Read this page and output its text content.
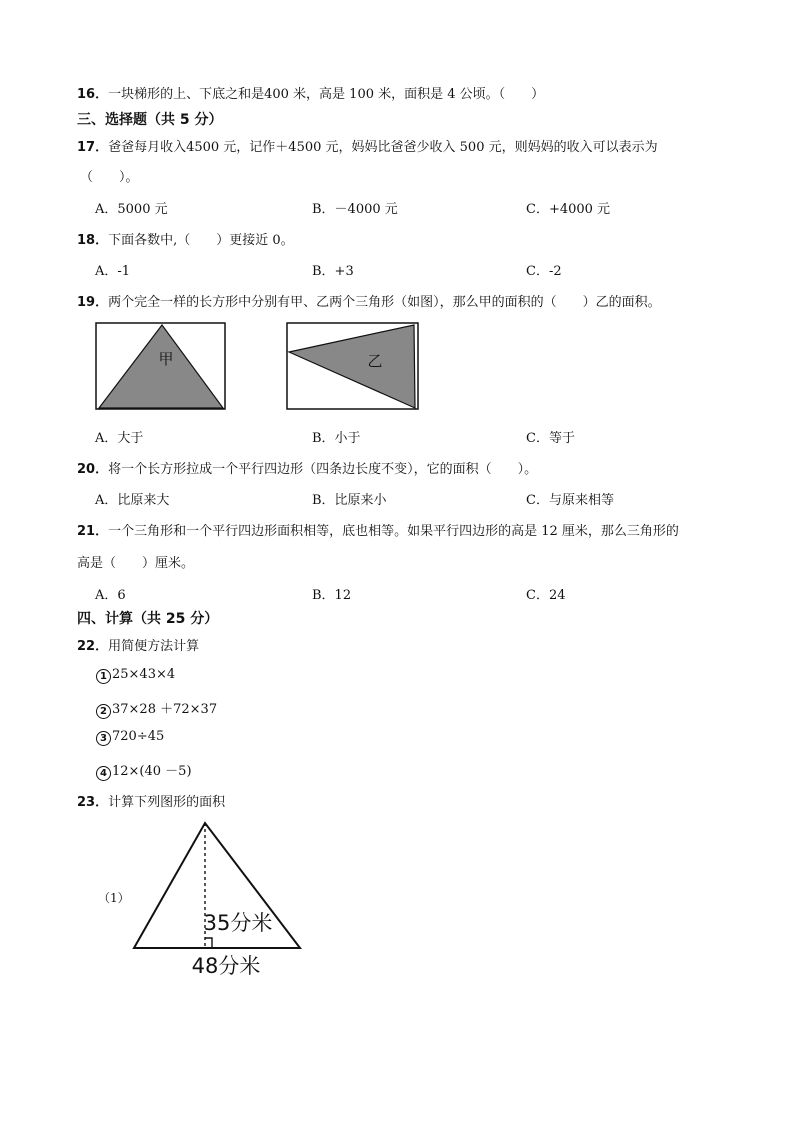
16．一块梯形的上、下底之和是400 米，高是 100 米，面积是 4 公顷。（　　）
三、选择题（共 5 分）
17．爸爸每月收入4500 元，记作＋4500 元，妈妈比爸爸少收入 500 元，则妈妈的收入可以表示为
（　　）。
A．5000 元	B．－4000 元	C．+4000 元
18．下面各数中,（　　）更接近 0。
A．-1	B．+3	C．-2
19．两个完全一样的长方形中分别有甲、乙两个三角形（如图），那么甲的面积的（　　）乙的面积。
甲	乙
A．大于	B．小于	C．等于
20．将一个长方形拉成一个平行四边形（四条边长度不变），它的面积（　　）。
A．比原来大	B．比原来小	C．与原来相等
21．一个三角形和一个平行四边形面积相等，底也相等。如果平行四边形的高是 12 厘米，那么三角形的
高是（　　）厘米。
A．6	B．12	C．24
四、计算（共 25 分）
22．用简便方法计算
1 25×43×4
2 37×28 ＋72×37
3 720÷45
4 12×(40 －5)
23．计算下列图形的面积
（1）
35分米
48分米
